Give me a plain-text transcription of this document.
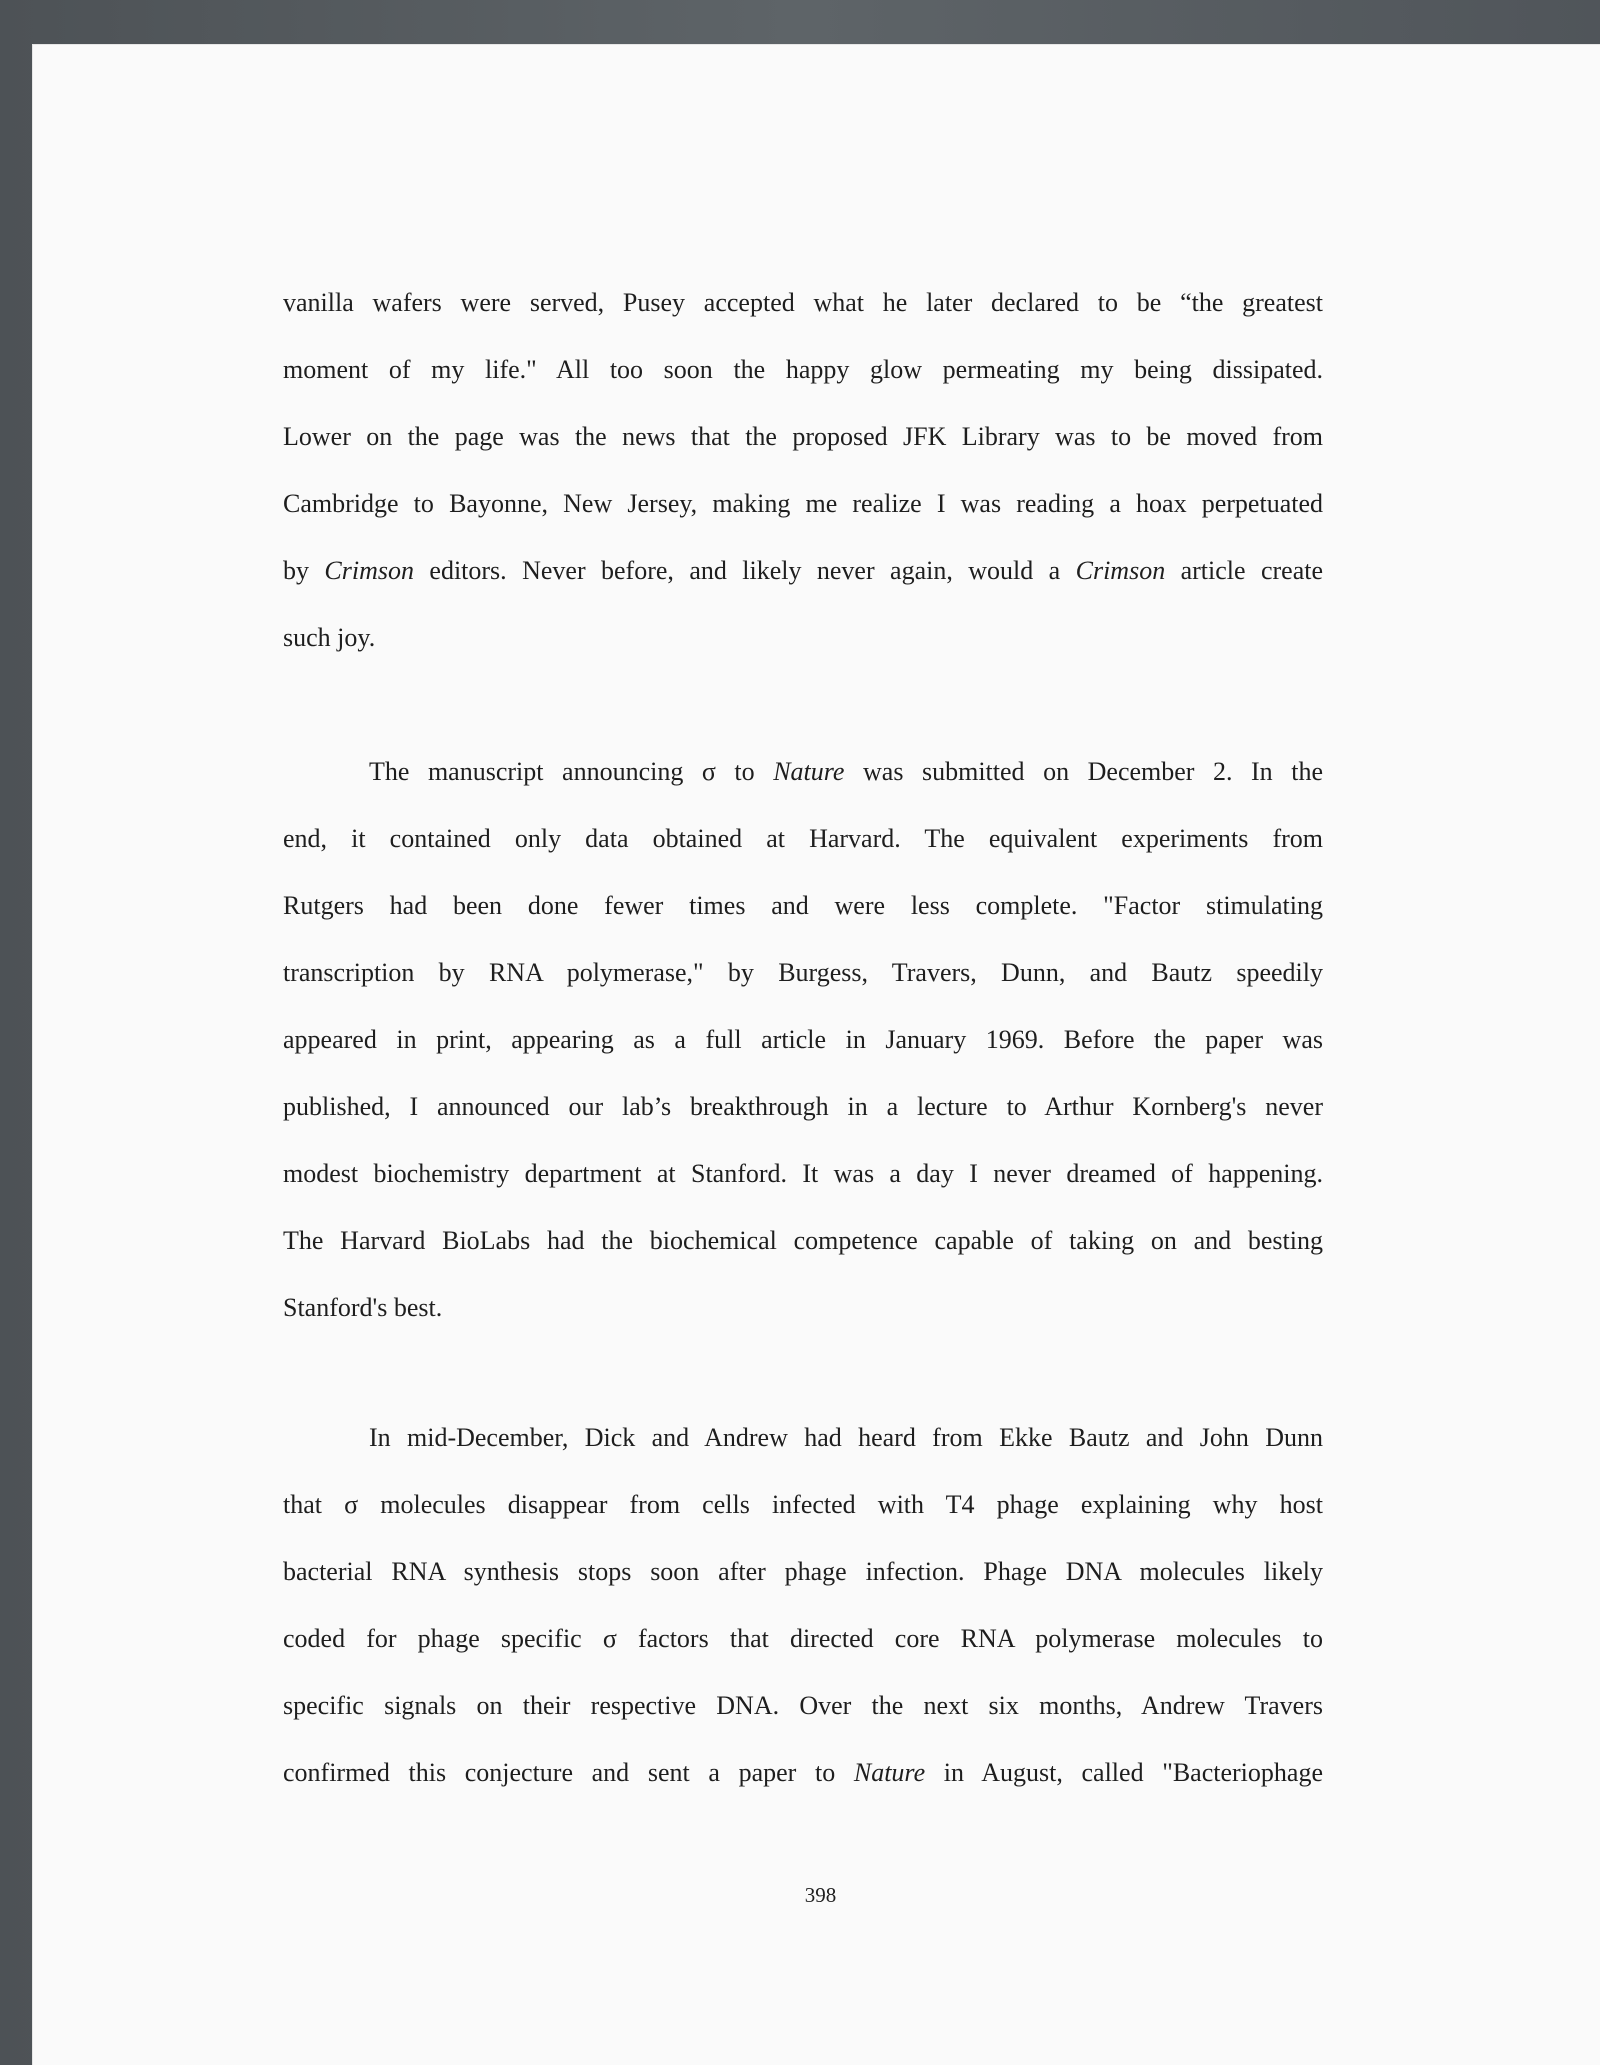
vanilla wafers were served, Pusey accepted what he later declared to be “the greatest
moment of my life." All too soon the happy glow permeating my being dissipated.
Lower on the page was the news that the proposed JFK Library was to be moved from
Cambridge to Bayonne, New Jersey, making me realize I was reading a hoax perpetuated
by Crimson editors. Never before, and likely never again, would a Crimson article create
such joy.
The manuscript announcing σ to Nature was submitted on December 2. In the
end, it contained only data obtained at Harvard. The equivalent experiments from
Rutgers had been done fewer times and were less complete. "Factor stimulating
transcription by RNA polymerase," by Burgess, Travers, Dunn, and Bautz speedily
appeared in print, appearing as a full article in January 1969. Before the paper was
published, I announced our lab’s breakthrough in a lecture to Arthur Kornberg's never
modest biochemistry department at Stanford. It was a day I never dreamed of happening.
The Harvard BioLabs had the biochemical competence capable of taking on and besting
Stanford's best.
In mid-December, Dick and Andrew had heard from Ekke Bautz and John Dunn
that σ molecules disappear from cells infected with T4 phage explaining why host
bacterial RNA synthesis stops soon after phage infection. Phage DNA molecules likely
coded for phage specific σ factors that directed core RNA polymerase molecules to
specific signals on their respective DNA. Over the next six months, Andrew Travers
confirmed this conjecture and sent a paper to Nature in August, called "Bacteriophage
398
